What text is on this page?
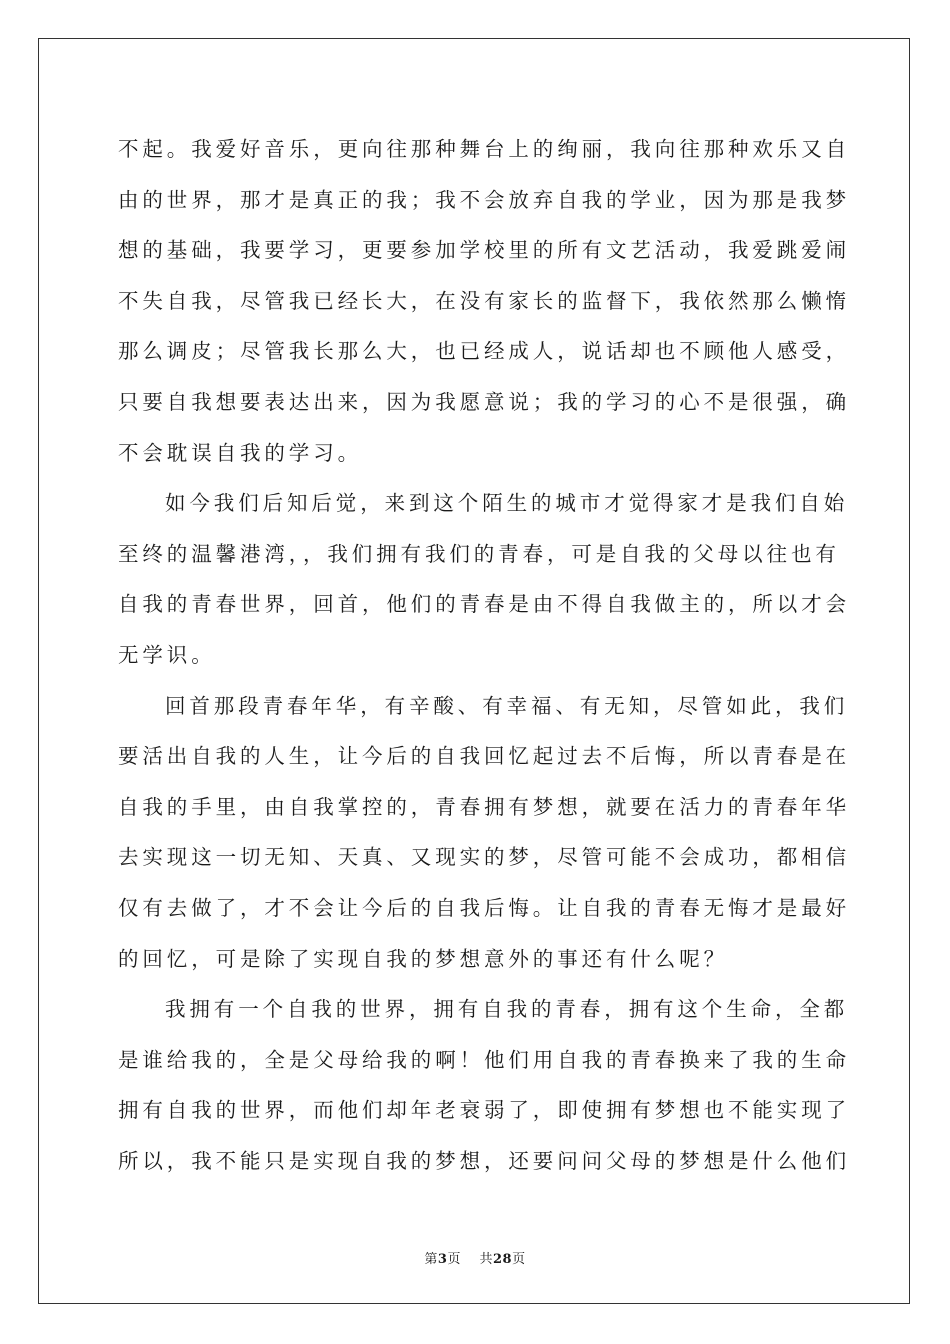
不起。我爱好音乐，更向往那种舞台上的绚丽，我向往那种欢乐又自
由的世界，那才是真正的我；我不会放弃自我的学业，因为那是我梦
想的基础，我要学习，更要参加学校里的所有文艺活动，我爱跳爱闹
不失自我，尽管我已经长大，在没有家长的监督下，我依然那么懒惰
那么调皮；尽管我长那么大，也已经成人，说话却也不顾他人感受，
只要自我想要表达出来，因为我愿意说；我的学习的心不是很强，确
不会耽误自我的学习。
如今我们后知后觉，来到这个陌生的城市才觉得家才是我们自始
至终的温馨港湾，，我们拥有我们的青春，可是自我的父母以往也有
自我的青春世界，回首，他们的青春是由不得自我做主的，所以才会
无学识。
回首那段青春年华，有辛酸、有幸福、有无知，尽管如此，我们
要活出自我的人生，让今后的自我回忆起过去不后悔，所以青春是在
自我的手里，由自我掌控的，青春拥有梦想，就要在活力的青春年华
去实现这一切无知、天真、又现实的梦，尽管可能不会成功，都相信
仅有去做了，才不会让今后的自我后悔。让自我的青春无悔才是最好
的回忆，可是除了实现自我的梦想意外的事还有什么呢？
我拥有一个自我的世界，拥有自我的青春，拥有这个生命，全都
是谁给我的，全是父母给我的啊！他们用自我的青春换来了我的生命
拥有自我的世界，而他们却年老衰弱了，即使拥有梦想也不能实现了
所以，我不能只是实现自我的梦想，还要问问父母的梦想是什么他们
第3页 共28页
